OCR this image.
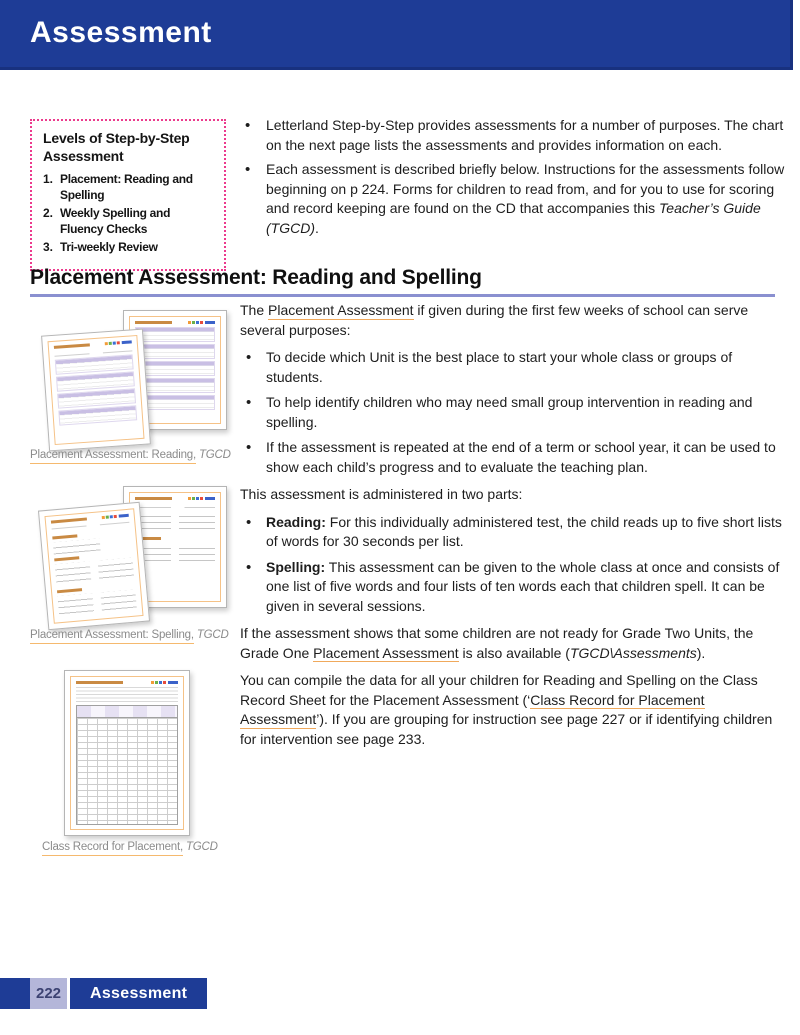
Assessment

Levels of Step-by-Step Assessment

1. Placement: Reading and Spelling
2. Weekly Spelling and Fluency Checks
3. Tri-weekly Review
• Letterland Step-by-Step provides assessments for a number of purposes. The chart on the next page lists the assessments and provides information on each.
• Each assessment is described briefly below. Instructions for the assessments follow beginning on p 224. Forms for children to read from, and for you to use for scoring and record keeping are found on the CD that accompanies this Teacher’s Guide (TGCD).
Placement Assessment: Reading and Spelling
Placement Assessment: Reading, TGCD
Placement Assessment: Spelling, TGCD
Class Record for Placement, TGCD

The Placement Assessment if given during the first few weeks of school can serve several purposes:

• To decide which Unit is the best place to start your whole class or groups of students.
• To help identify children who may need small group intervention in reading and spelling.
• If the assessment is repeated at the end of a term or school year, it can be used to show each child’s progress and to evaluate the teaching plan.

This assessment is administered in two parts:

• Reading: For this individually administered test, the child reads up to five short lists of words for 30 seconds per list.
• Spelling: This assessment can be given to the whole class at once and consists of one list of five words and four lists of ten words each that children spell. It can be given in several sessions.

If the assessment shows that some children are not ready for Grade Two Units, the Grade One Placement Assessment is also available (TGCD\Assessments).

You can compile the data for all your children for Reading and Spelling on the Class Record Sheet for the Placement Assessment (‘Class Record for Placement Assessment’). If you are grouping for instruction see page 227 or if identifying children for intervention see page 233.

222	Assessment
